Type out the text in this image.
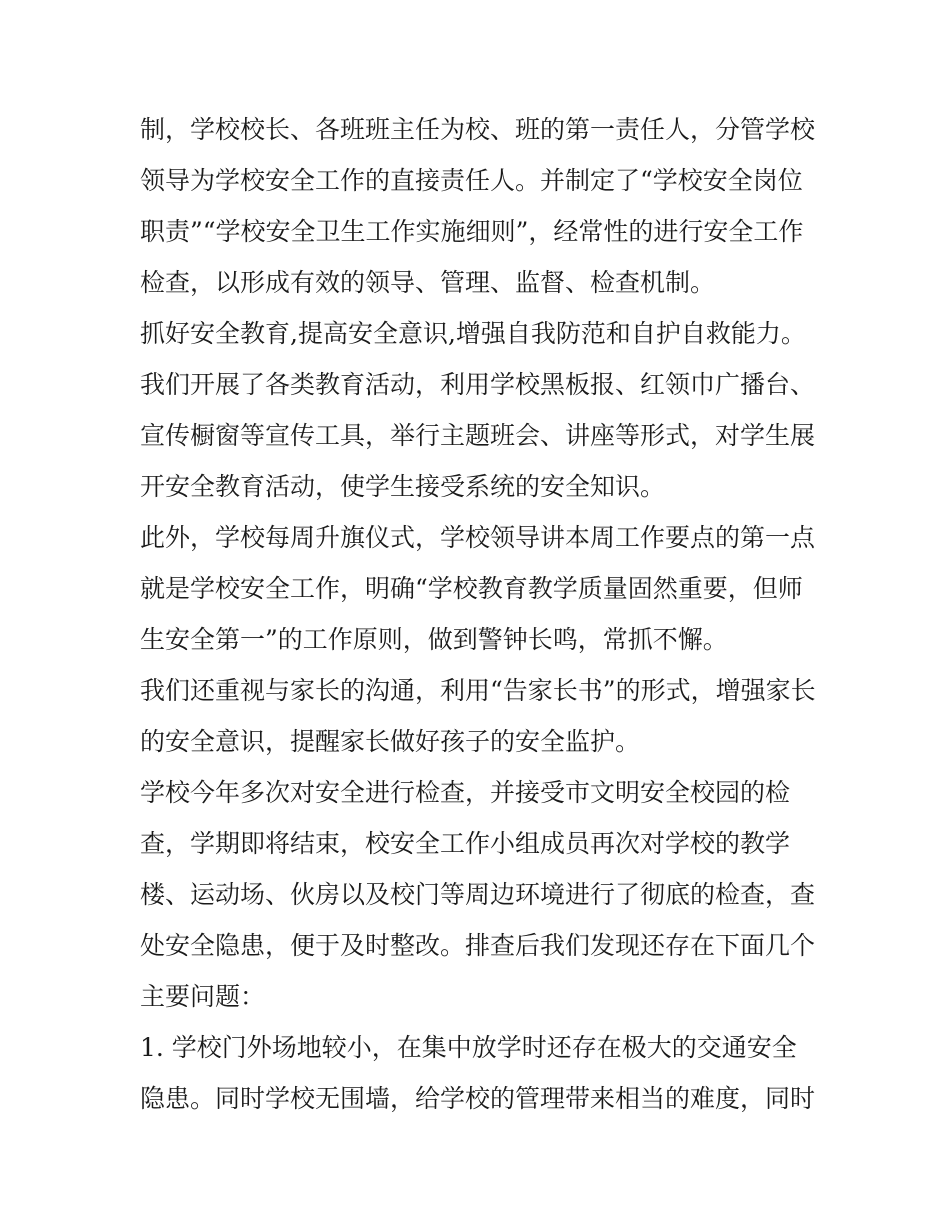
制，学校校长、各班班主任为校、班的第一责任人，分管学校
领导为学校安全工作的直接责任人。并制定了“学校安全岗位
职责”“学校安全卫生工作实施细则”，经常性的进行安全工作
检查，以形成有效的领导、管理、监督、检查机制。
抓好安全教育,提高安全意识,增强自我防范和自护自救能力。
我们开展了各类教育活动，利用学校黑板报、红领巾广播台、
宣传橱窗等宣传工具，举行主题班会、讲座等形式，对学生展
开安全教育活动，使学生接受系统的安全知识。
此外，学校每周升旗仪式，学校领导讲本周工作要点的第一点
就是学校安全工作，明确“学校教育教学质量固然重要，但师
生安全第一”的工作原则，做到警钟长鸣，常抓不懈。
我们还重视与家长的沟通，利用“告家长书”的形式，增强家长
的安全意识，提醒家长做好孩子的安全监护。
学校今年多次对安全进行检查，并接受市文明安全校园的检
查，学期即将结束，校安全工作小组成员再次对学校的教学
楼、运动场、伙房以及校门等周边环境进行了彻底的检查，查
处安全隐患，便于及时整改。排查后我们发现还存在下面几个
主要问题：
1. 学校门外场地较小，在集中放学时还存在极大的交通安全
隐患。同时学校无围墙，给学校的管理带来相当的难度，同时
